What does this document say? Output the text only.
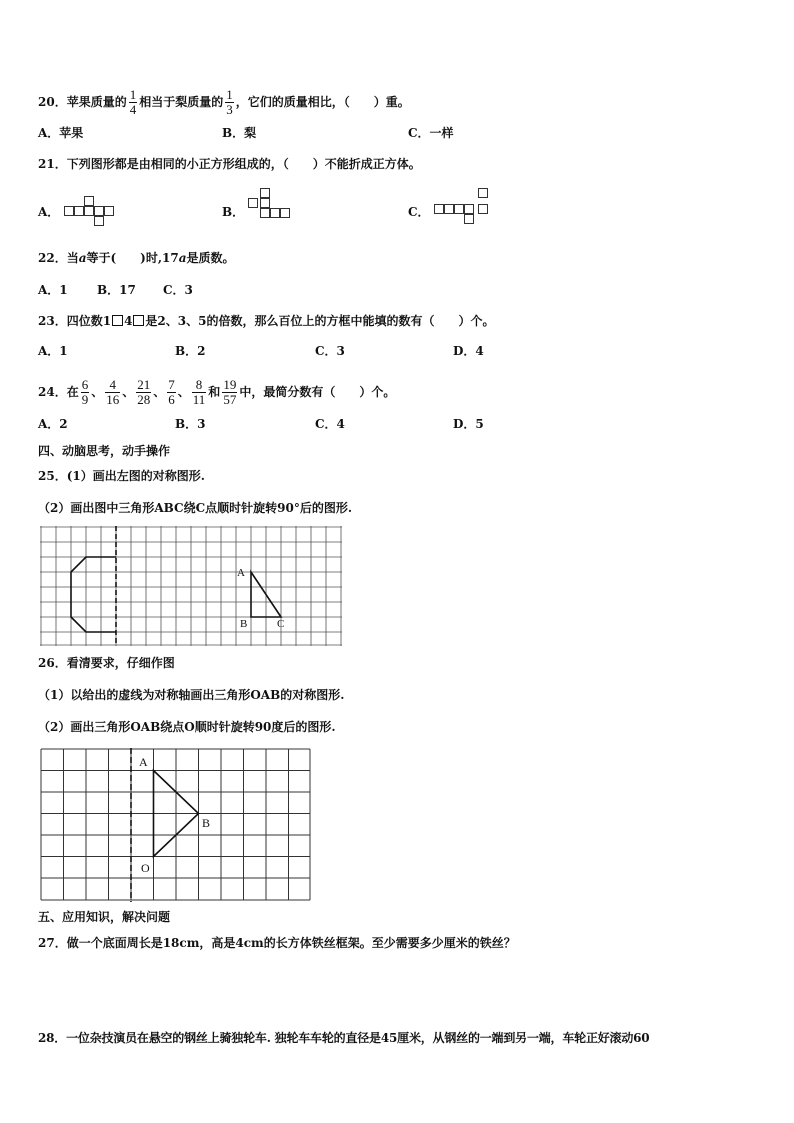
20．苹果质量的 $\frac{1}{4}$ 相当于梨质量的 $\frac{1}{3}$ ，它们的质量相比，（　　）重。
A．苹果	B．梨	C．一样
21．下列图形都是由相同的小正方形组成的，（　　）不能折成正方体。
A．	B．	C．
22．当a等于(　　)时,17a是质数。
A．1 B．17 C．3
23．四位数1 4 是2、3、5的倍数，那么百位上的方框中能填的数有（　　）个。
A．1	B．2	C．3	D．4
24．在 $\frac{6}{9}$ 、 $\frac{4}{16}$ 、 $\frac{21}{28}$ 、 $\frac{7}{6}$ 、 $\frac{8}{11}$ 和 $\frac{19}{57}$ 中，最简分数有（　　）个。
A．2	B．3	C．4	D．5
四、动脑思考，动手操作
25．(1）画出左图的对称图形.
（2）画出图中三角形ABC绕C点顺时针旋转90°后的图形.
A
B	C
26．看清要求，仔细作图
（1）以给出的虚线为对称轴画出三角形OAB的对称图形.
（2）画出三角形OAB绕点O顺时针旋转90度后的图形.
A
B
O
五、应用知识，解决问题
27．做一个底面周长是18cm，高是4cm的长方体铁丝框架。至少需要多少厘米的铁丝？
28．一位杂技演员在悬空的钢丝上骑独轮车. 独轮车车轮的直径是45厘米，从钢丝的一端到另一端，车轮正好滚动60
